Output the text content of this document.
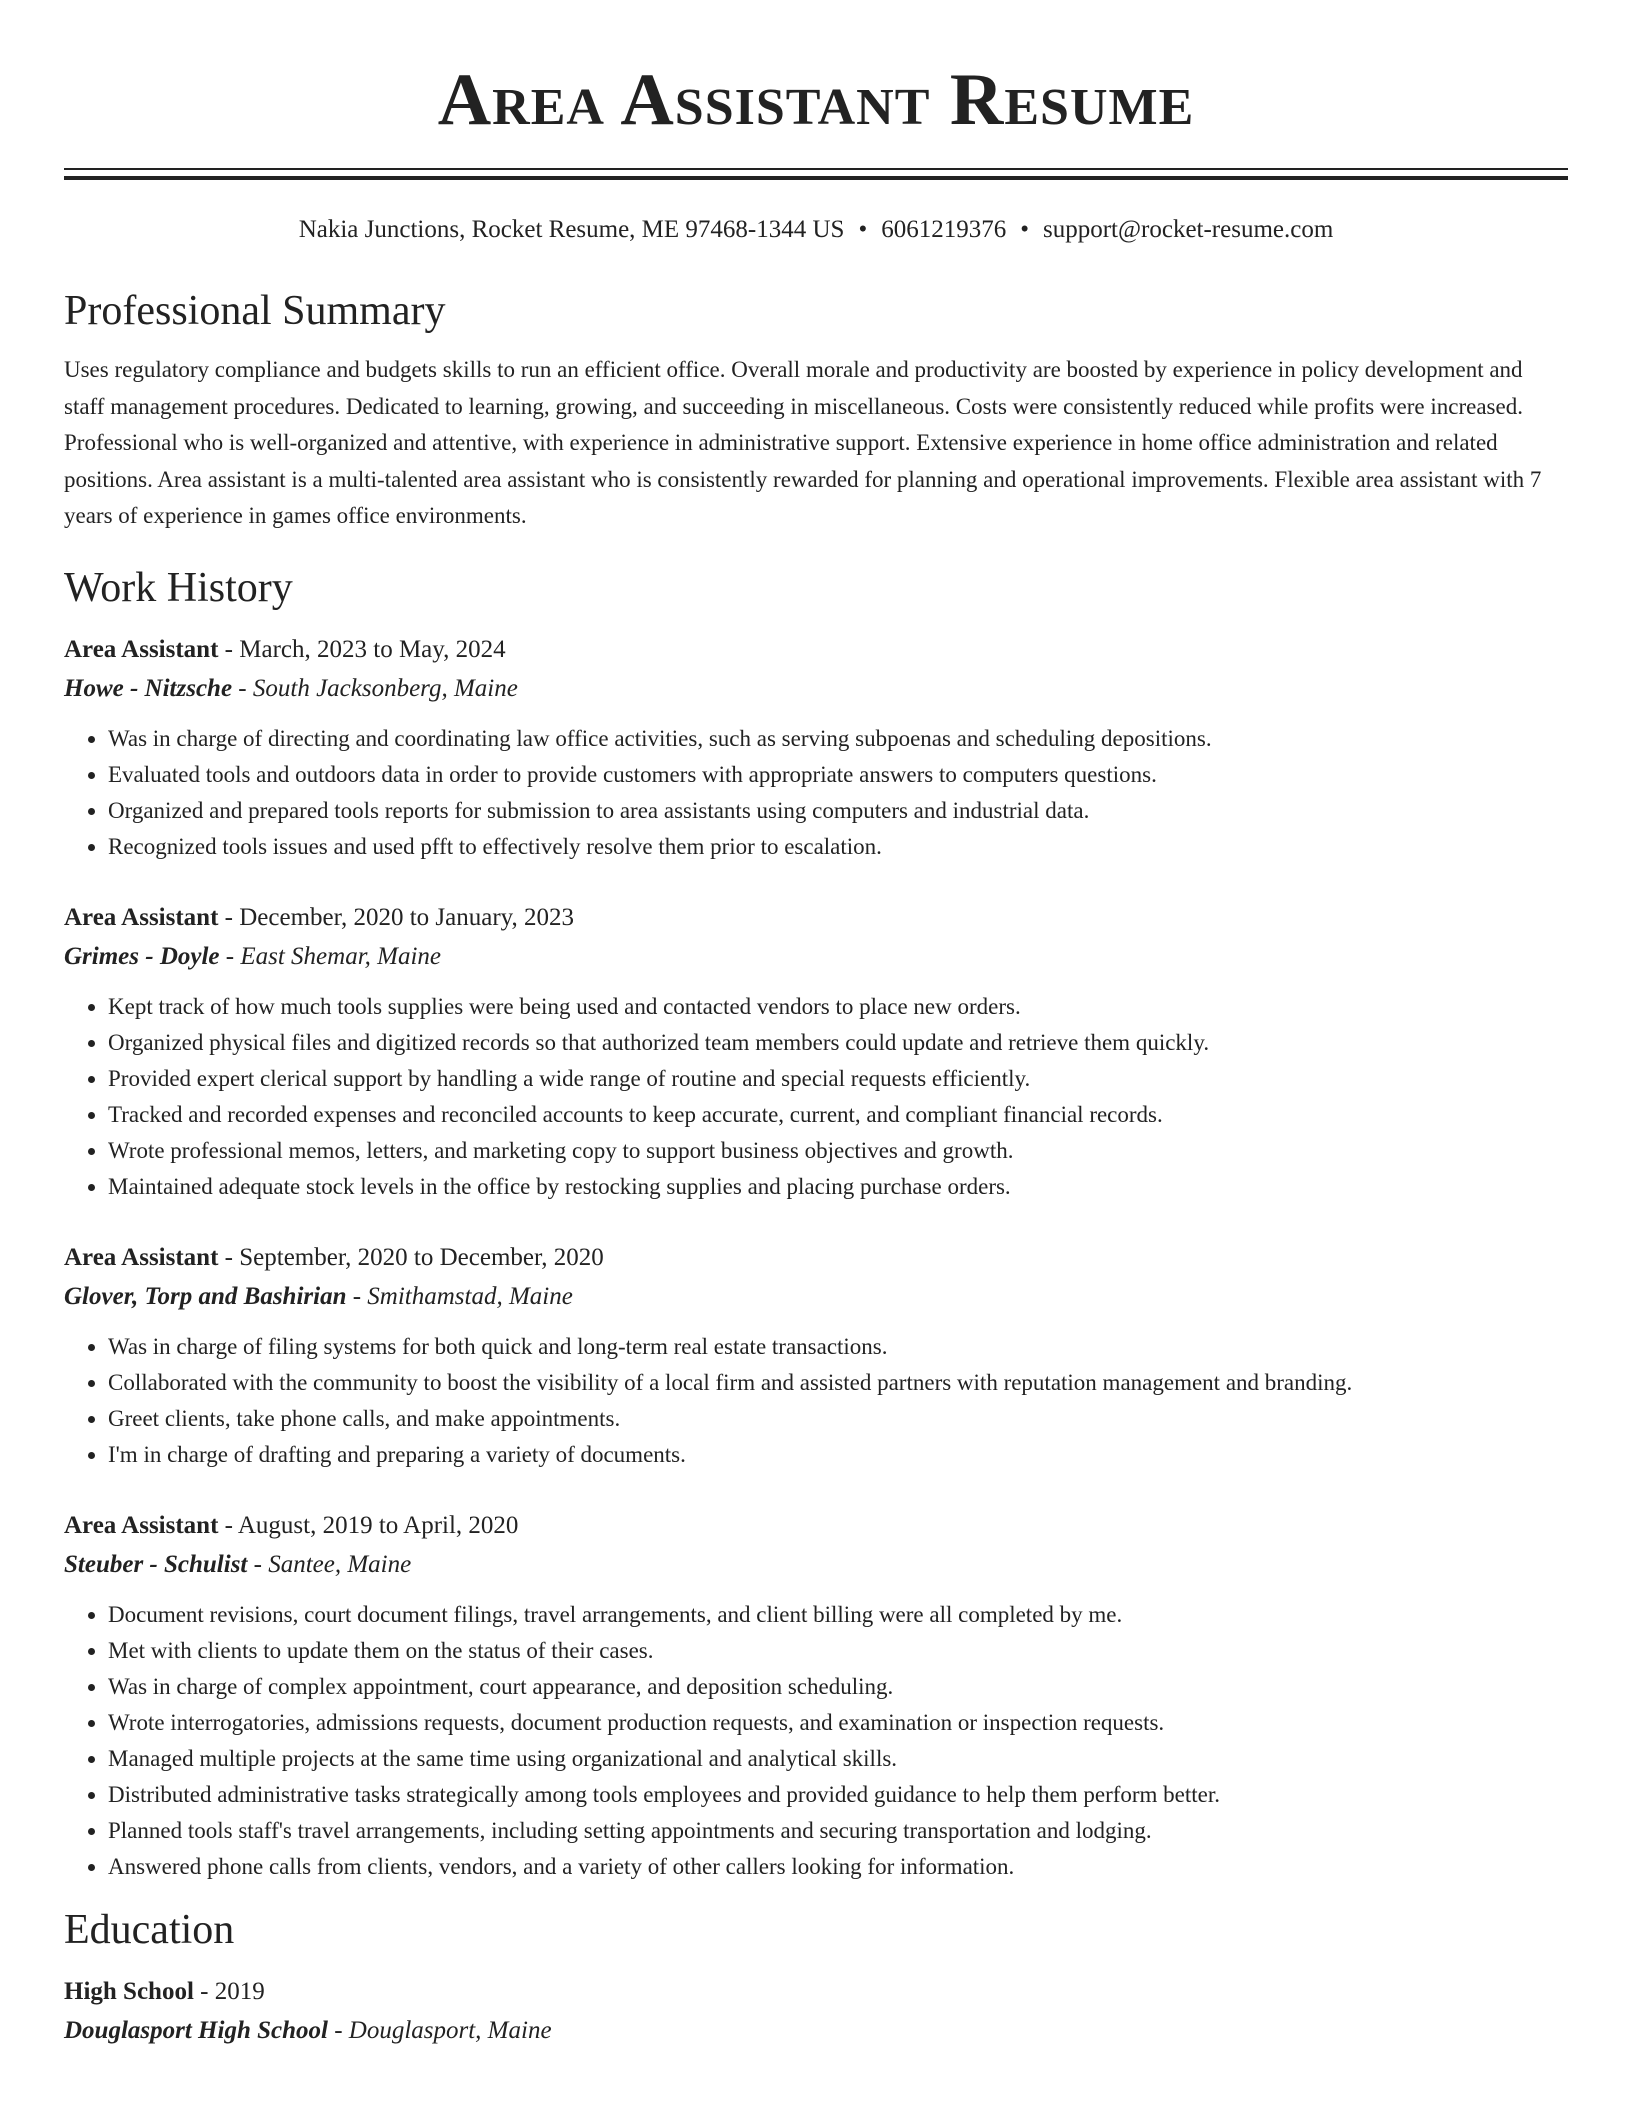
Area Assistant Resume
Nakia Junctions, Rocket Resume, ME 97468-1344 US • 6061219376 • support@rocket-resume.com
Professional Summary

Uses regulatory compliance and budgets skills to run an efficient office. Overall morale and productivity are boosted by experience in policy development and staff management procedures. Dedicated to learning, growing, and succeeding in miscellaneous. Costs were consistently reduced while profits were increased. Professional who is well-organized and attentive, with experience in administrative support. Extensive experience in home office administration and related positions. Area assistant is a multi-talented area assistant who is consistently rewarded for planning and operational improvements. Flexible area assistant with 7 years of experience in games office environments.

Work History
Area Assistant - March, 2023 to May, 2024
Howe - Nitzsche - South Jacksonberg, Maine
• Was in charge of directing and coordinating law office activities, such as serving subpoenas and scheduling depositions.
• Evaluated tools and outdoors data in order to provide customers with appropriate answers to computers questions.
• Organized and prepared tools reports for submission to area assistants using computers and industrial data.
• Recognized tools issues and used pfft to effectively resolve them prior to escalation.
Area Assistant - December, 2020 to January, 2023
Grimes - Doyle - East Shemar, Maine
• Kept track of how much tools supplies were being used and contacted vendors to place new orders.
• Organized physical files and digitized records so that authorized team members could update and retrieve them quickly.
• Provided expert clerical support by handling a wide range of routine and special requests efficiently.
• Tracked and recorded expenses and reconciled accounts to keep accurate, current, and compliant financial records.
• Wrote professional memos, letters, and marketing copy to support business objectives and growth.
• Maintained adequate stock levels in the office by restocking supplies and placing purchase orders.
Area Assistant - September, 2020 to December, 2020
Glover, Torp and Bashirian - Smithamstad, Maine
• Was in charge of filing systems for both quick and long-term real estate transactions.
• Collaborated with the community to boost the visibility of a local firm and assisted partners with reputation management and branding.
• Greet clients, take phone calls, and make appointments.
• I'm in charge of drafting and preparing a variety of documents.
Area Assistant - August, 2019 to April, 2020
Steuber - Schulist - Santee, Maine
• Document revisions, court document filings, travel arrangements, and client billing were all completed by me.
• Met with clients to update them on the status of their cases.
• Was in charge of complex appointment, court appearance, and deposition scheduling.
• Wrote interrogatories, admissions requests, document production requests, and examination or inspection requests.
• Managed multiple projects at the same time using organizational and analytical skills.
• Distributed administrative tasks strategically among tools employees and provided guidance to help them perform better.
• Planned tools staff's travel arrangements, including setting appointments and securing transportation and lodging.
• Answered phone calls from clients, vendors, and a variety of other callers looking for information.
Education
High School - 2019
Douglasport High School - Douglasport, Maine
